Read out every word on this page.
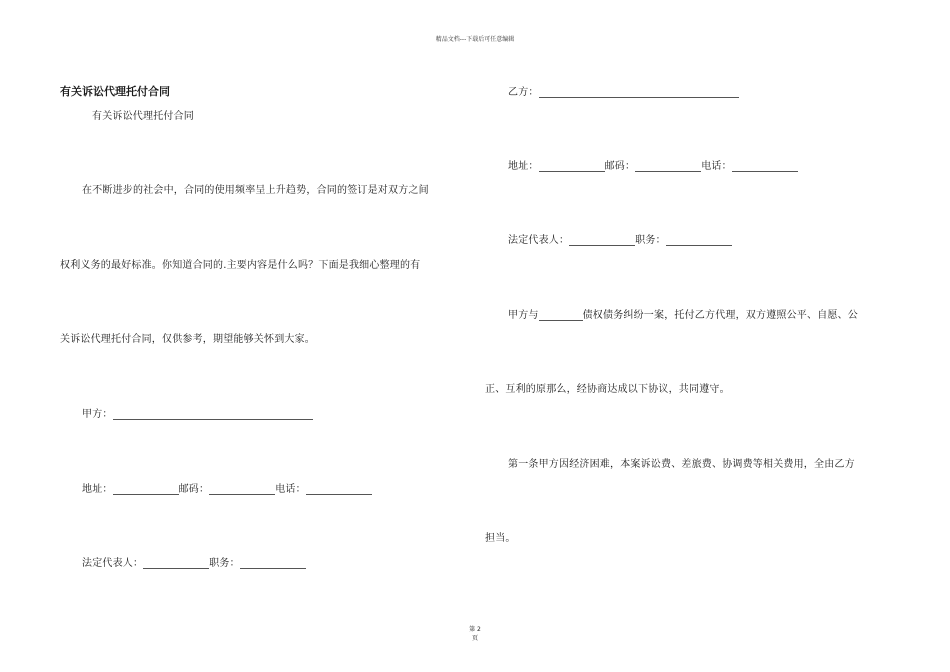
精品文档---下载后可任意编辑
有关诉讼代理托付合同
有关诉讼代理托付合同
在不断进步的社会中，合同的使用频率呈上升趋势，合同的签订是对双方之间
权利义务的最好标准。你知道合同的.主要内容是什么吗？下面是我细心整理的有
关诉讼代理托付合同，仅供参考，期望能够关怀到大家。
甲方：
地址：	邮码：	电话：
法定代表人：	职务：
乙方：
地址：	邮码：	电话：
法定代表人：	职务：
甲方与	债权债务纠纷一案，托付乙方代理，双方遵照公平、自愿、公
正、互利的原那么，经协商达成以下协议，共同遵守。
第一条甲方因经济困难，本案诉讼费、差旅费、协调费等相关费用，全由乙方
担当。
第 2
页
